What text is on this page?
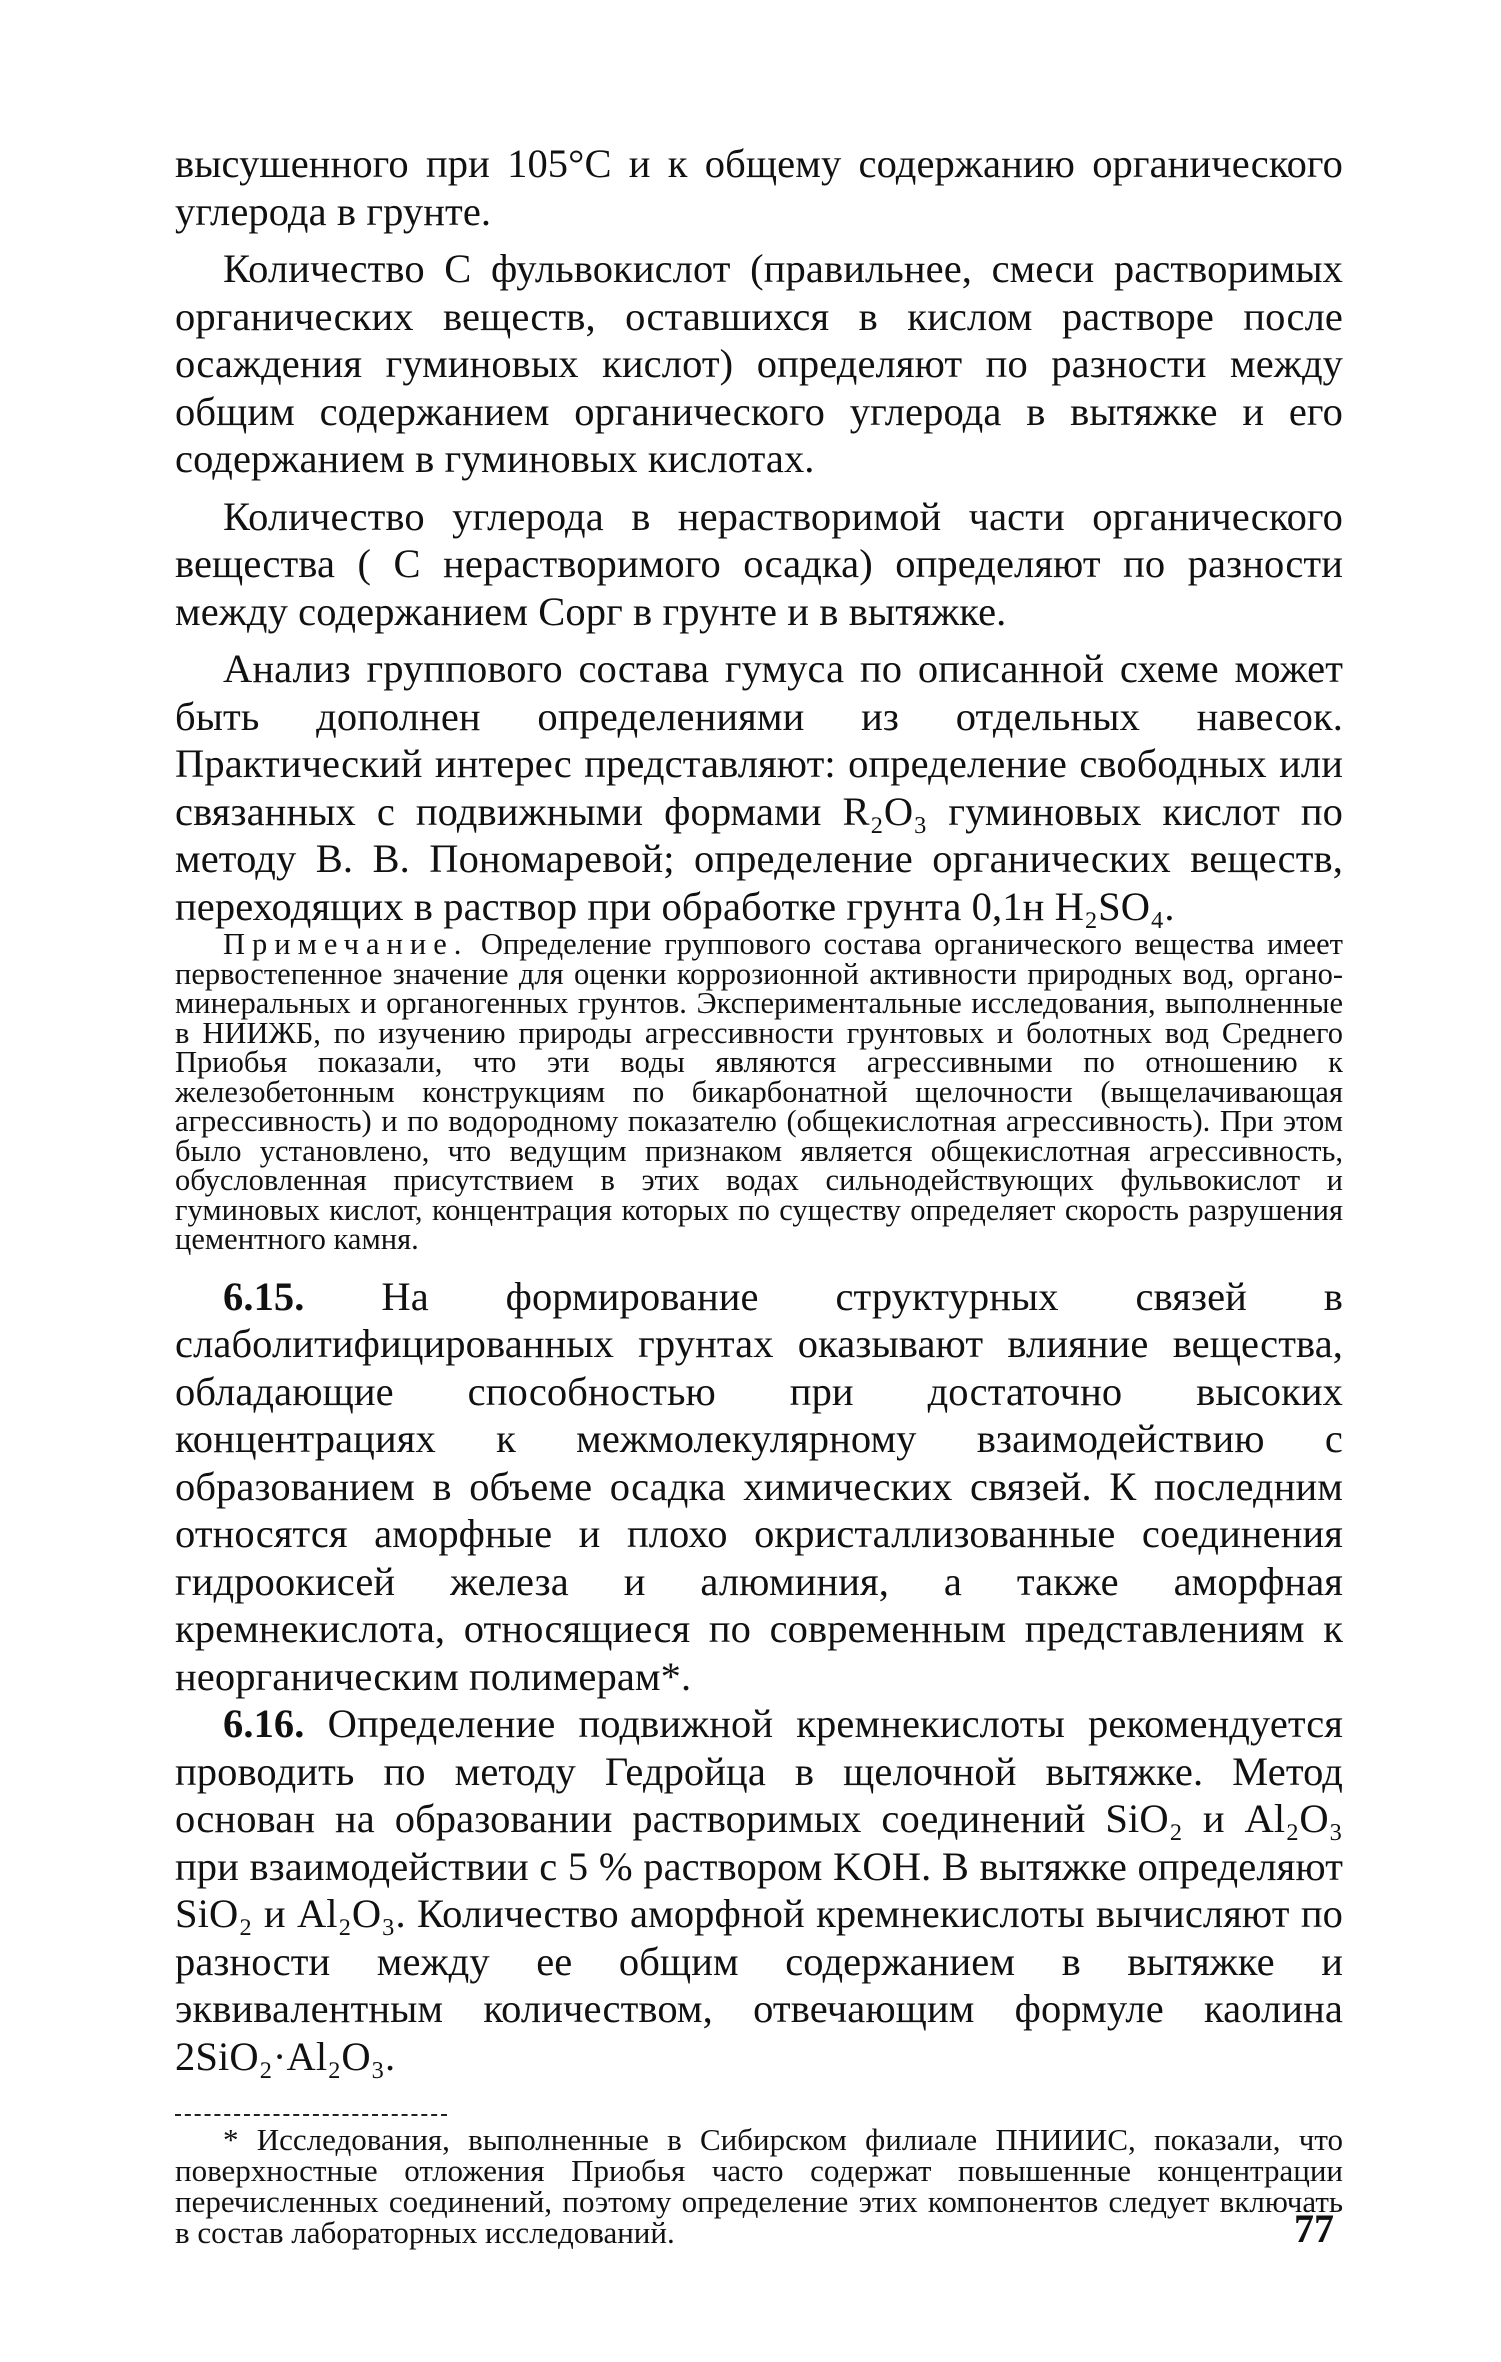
высушенного при 105°С и к общему содержанию органического углерода в грунте.

Количество С фульвокислот (правильнее, смеси растворимых органических веществ, оставшихся в кислом растворе после осаждения гуминовых кислот) определяют по разности между общим содержанием органического углерода в вытяжке и его содержанием в гуминовых кислотах.

Количество углерода в нерастворимой части органического вещества ( С нерастворимого осадка) определяют по разности между содержанием Сорг в грунте и в вытяжке.

Анализ группового состава гумуса по описанной схеме может быть дополнен определениями из отдельных навесок. Практический интерес представляют: определение свободных или связанных с подвижными формами R₂O₃ гуминовых кислот по методу В. В. Пономаревой; определение органических веществ, переходящих в раствор при обработке грунта 0,1н H₂SO₄.

Примечание. Определение группового состава органического вещества имеет первостепенное значение для оценки коррозионной активности природных вод, органо-минеральных и органогенных грунтов. Экспериментальные исследования, выполненные в НИИЖБ, по изучению природы агрессивности грунтовых и болотных вод Среднего Приобья показали, что эти воды являются агрессивными по отношению к железобетонным конструкциям по бикарбонатной щелочности (выщелачивающая агрессивность) и по водородному показателю (общекислотная агрессивность). При этом было установлено, что ведущим признаком является общекислотная агрессивность, обусловленная присутствием в этих водах сильнодействующих фульвокислот и гуминовых кислот, концентрация которых по существу определяет скорость разрушения цементного камня.

6.15. На формирование структурных связей в слаболитифицированных грунтах оказывают влияние вещества, обладающие способностью при достаточно высоких концентрациях к межмолекулярному взаимодействию с образованием в объеме осадка химических связей. К последним относятся аморфные и плохо окристаллизованные соединения гидроокисей железа и алюминия, а также аморфная кремнекислота, относящиеся по современным представлениям к неорганическим полимерам*.

6.16. Определение подвижной кремнекислоты рекомендуется проводить по методу Гедройца в щелочной вытяжке. Метод основан на образовании растворимых соединений SiO₂ и Al₂O₃ при взаимодействии с 5 % раствором KOH. В вытяжке определяют SiO₂ и Al₂O₃. Количество аморфной кремнекислоты вычисляют по разности между ее общим содержанием в вытяжке и эквивалентным количеством, отвечающим формуле каолина 2SiO₂·Al₂O₃.

* Исследования, выполненные в Сибирском филиале ПНИИИС, показали, что поверхностные отложения Приобья часто содержат повышенные концентрации перечисленных соединений, поэтому определение этих компонентов следует включать в состав лабораторных исследований.	77
